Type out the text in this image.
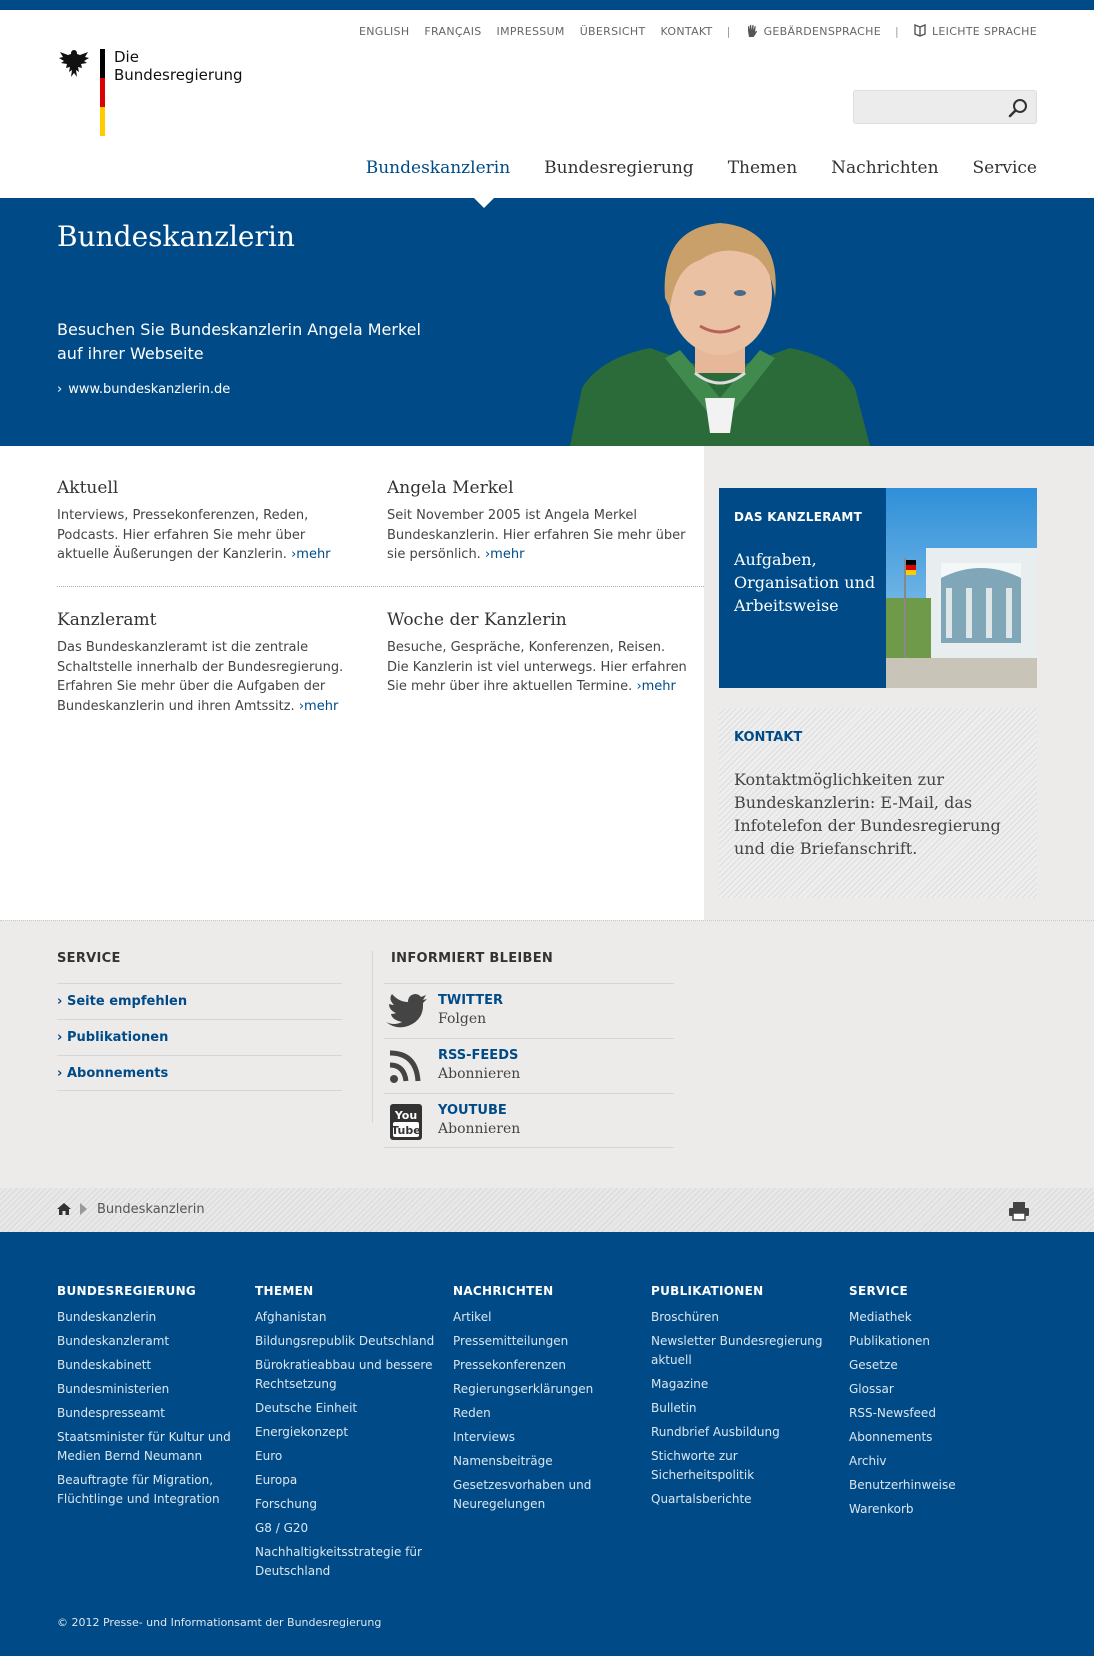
ENGLISH FRANÇAIS IMPRESSUM ÜBERSICHT KONTAKT |	GEBÄRDENSPRACHE |	LEICHTE SPRACHE
Die
Bundesregierung
Bundeskanzlerin Bundesregierung Themen Nachrichten Service
Bundeskanzlerin
Besuchen Sie Bundeskanzlerin Angela Merkel auf ihrer Webseite
› www.bundeskanzlerin.de
Aktuell

Interviews, Pressekonferenzen, Reden, Podcasts. Hier erfahren Sie mehr über aktuelle Äußerungen der Kanzlerin. ›mehr

Angela Merkel

Seit November 2005 ist Angela Merkel Bundeskanzlerin. Hier erfahren Sie mehr über sie persönlich. ›mehr

Kanzleramt

Das Bundeskanzleramt ist die zentrale Schaltstelle innerhalb der Bundesregierung. Erfahren Sie mehr über die Aufgaben der Bundeskanzlerin und ihren Amtssitz. ›mehr

Woche der Kanzlerin

Besuche, Gespräche, Konferenzen, Reisen. Die Kanzlerin ist viel unterwegs. Hier erfahren Sie mehr über ihre aktuellen Termine. ›mehr

DAS KANZLERAMT
Aufgaben, Organisation und Arbeitsweise
KONTAKT
Kontaktmöglichkeiten zur Bundeskanzlerin: E-Mail, das Infotelefon der Bundesregierung und die Briefanschrift.
SERVICE
› Seite empfehlen
› Publikationen
› Abonnements
INFORMIERT BLEIBEN
TWITTER
Folgen
RSS-FEEDS
Abonnieren
You
Tube
YOUTUBE
Abonnieren
Bundeskanzlerin
BUNDESREGIERUNG
Bundeskanzlerin
Bundeskanzleramt
Bundeskabinett
Bundesministerien
Bundespresseamt
Staatsminister für Kultur und Medien Bernd Neumann
Beauftragte für Migration, Flüchtlinge und Integration
THEMEN
Afghanistan
Bildungsrepublik Deutschland
Bürokratieabbau und bessere Rechtsetzung
Deutsche Einheit
Energiekonzept
Euro
Europa
Forschung
G8 / G20
Nachhaltigkeitsstrategie für Deutschland
NACHRICHTEN
Artikel
Pressemitteilungen
Pressekonferenzen
Regierungserklärungen
Reden
Interviews
Namensbeiträge
Gesetzesvorhaben und Neuregelungen
PUBLIKATIONEN
Broschüren
Newsletter Bundesregierung aktuell
Magazine
Bulletin
Rundbrief Ausbildung
Stichworte zur Sicherheitspolitik
Quartalsberichte
SERVICE
Mediathek
Publikationen
Gesetze
Glossar
RSS-Newsfeed
Abonnements
Archiv
Benutzerhinweise
Warenkorb
© 2012 Presse- und Informationsamt der Bundesregierung
